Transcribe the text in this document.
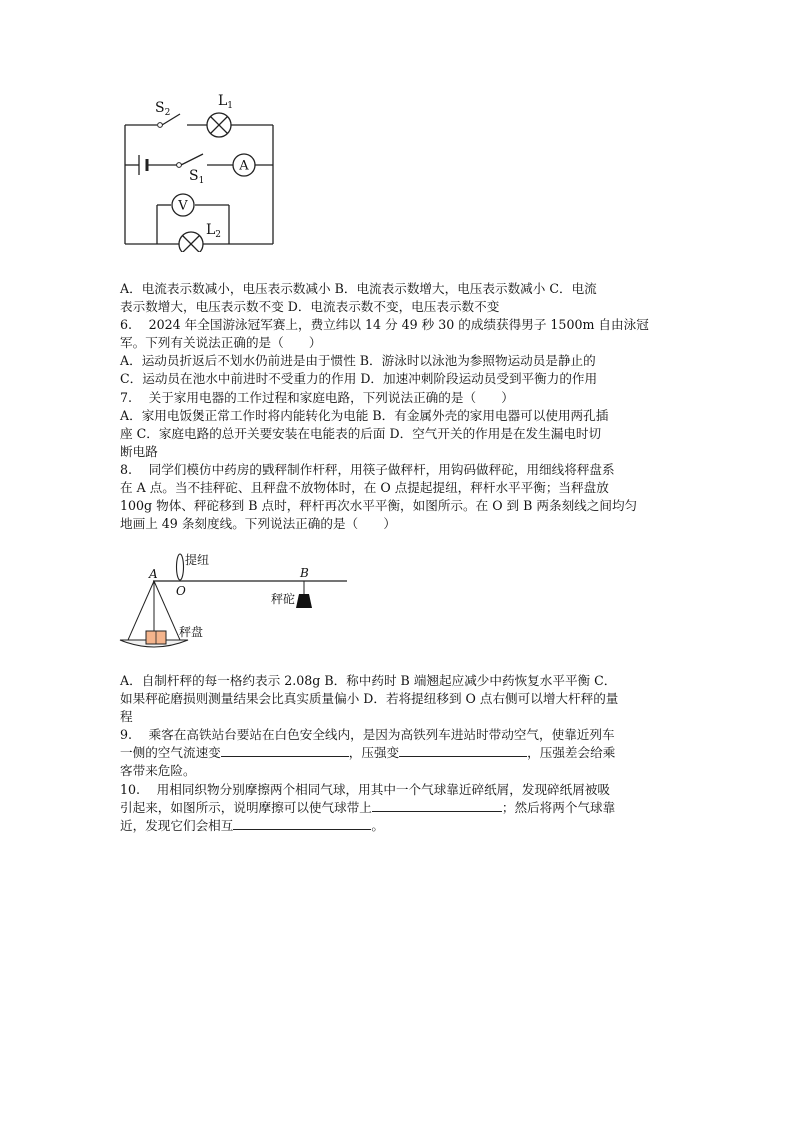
A
V
$S_2$
$L_1$
$S_1$
$L_2$
A．电流表示数减小，电压表示数减小 B．电流表示数增大，电压表示数减小 C．电流
表示数增大，电压表示数不变 D．电流表示数不变，电压表示数不变
6.　 2024 年全国游泳冠军赛上，费立纬以 14 分 49 秒 30 的成绩获得男子 1500m 自由泳冠
军。下列有关说法正确的是（　　）
A．运动员折返后不划水仍前进是由于惯性 B．游泳时以泳池为参照物运动员是静止的
C．运动员在池水中前进时不受重力的作用 D．加速冲刺阶段运动员受到平衡力的作用
7.　 关于家用电器的工作过程和家庭电路，下列说法正确的是（　　）
A．家用电饭煲正常工作时将内能转化为电能 B．有金属外壳的家用电器可以使用两孔插
座 C．家庭电路的总开关要安装在电能表的后面 D．空气开关的作用是在发生漏电时切
断电路
8.　 同学们模仿中药房的戥秤制作杆秤，用筷子做秤杆，用钩码做秤砣，用细线将秤盘系
在 A 点。当不挂秤砣、且秤盘不放物体时，在 O 点提起提纽，秤杆水平平衡；当秤盘放
100g 物体、秤砣移到 B 点时，秤杆再次水平平衡，如图所示。在 O 到 B 两条刻线之间均匀
地画上 49 条刻度线。下列说法正确的是（　　）
提纽
A
O
B
秤砣
秤盘
A．自制杆秤的每一格约表示 2.08g B．称中药时 B 端翘起应减少中药恢复水平平衡 C．
如果秤砣磨损则测量结果会比真实质量偏小 D．若将提纽移到 O 点右侧可以增大杆秤的量
程
9.　 乘客在高铁站台要站在白色安全线内，是因为高铁列车进站时带动空气，使靠近列车
一侧的空气流速变	，压强变	，压强差会给乘
客带来危险。
10.　 用相同织物分别摩擦两个相同气球，用其中一个气球靠近碎纸屑，发现碎纸屑被吸
引起来，如图所示，说明摩擦可以使气球带上	；然后将两个气球靠
近，发现它们会相互	。
